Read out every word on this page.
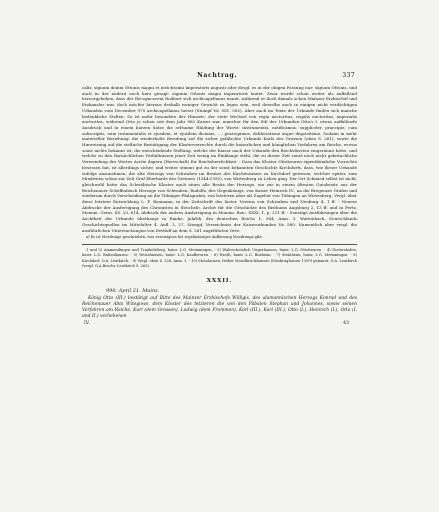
Nachtrag.	337

calis: signum domni Ottonis magni et invictissimi imperatoris augusti oder desgl. es in der obigen Fassung nur: signum Ottonis, und auch in der andern noch kurz gesagt: signum Ottonis magni imperatoris lautet. Zwar wurde schon weiter als auffallend hervorgehoben, dass der Recognoscent Rodbert sich archicapellanus nennt, während er doch damals schon Mainzer Erzbischof und Erzkanzler war, doch möchte hieraus deshalb weniger Gewicht zu legen sein, weil derselbe auch in einigen nicht verdächtigen Urkunden vom December 975 archicapellanus heisst (Stumpf Nr. 581. 582). Aber auch im Texte der Urkunde finden sich manche bedenkliche Stellen. So ist mehr besonders der Hinweis: der stete Wechsel von regia auctoritas, regalis auctoritas, imperialis auctoritas, während Otto je schon seit dem Jahr 962 Kaiser war, mancher für den Stil der Urkunden Otto's I. etwas auffallende Ausdruck und in einem kurzen Satze die seltsame Häufung der Worte: instrumentis, notificamus, suppliciter, praecipie, cum subscriptis, eum testamentalis et ejusdem, et ejusdem dicimus, ..., praecipimus, deliberatione atque dispositione. Sodann in mehr materieller Beziehung: die wiederholte Berufung auf die sicher gefälschte Urkunde Karls des Grossen (oben S. 261), sowie die Hinweisung auf die vielfache Bestätigung der Klostervorrechte durch die kaiserlichen und königlichen Vorfahren am Reiche, wovon sonst nichts bekannt ist, die entscheidende Stellung, welche der Kaiser nach der Urkunde den Reichsfürsten eingeräumt hätte, und welche zu den thatsächlichen Verhältnissen jener Zeit wenig im Einklange steht, die zu dieser Zeit sonst noch nicht gebräuchliche Verwendung des Wortes Acrtie dapera (Herrschaft) für Reichsherrlichkeit. - Dass das Kloster Ottobeuren eigenthümliche Vorrechte besessen hat, ist allerdings sicher, und weiter stimmt gut zu der sonst bekannten Geschichte Kirchdorfs, dass, wie dieser Urkunde zufolge anzunehmen, die alte Herzogs von Schwaben im Besitze des Kirchensatzes zu Kirchdorf gewesen, welcher später, zum Mindesten schon zur Zeit Graf Eberhards des Greiners (1344-1392), von Wirtenberg zu Lehen ging. Der Ort Schmied selbst ist nicht, gleichwohl hatte das Schwäbische Kloster auch einen alle Besitz der Herzoge, ein zur in einem ältesten Gutsbesitz aus der Reichenauer Schöffenbuch Herzoge von Schwaben, Rudolfs, des Gegenkönigs, von Kaiser Heinrich IV., an die Bregenzer Grafen und wiederum durch Verschenkung an die Tübinger Pfalzgrafen, von letzteren aber als Zugehör von Tübingen an Wirtenberg. Vergl. über diese letztere Entwicklung L. F. Baumann, in der Zeitschrift des histor. Vereins von Schwaben und Neuburg 4, 1 ff. - Neuere Abdrucke der Ausfertigung des Chronisten in Steichele, Archiv für die Geschichte des Bisthums Augsburg 2, 13 ff. und in Pertz, Monum. Germ. SS. 23, 614, Abdruck der andern Ausfertigung in Monum. Boic. XXXI, 1, p. 211 ff. - Sonstige Ausführungen über die Aechtheit der Urkunde überhaupt in Ranke, Jahrbb. des deutschen Reichs 1, 364, Anm. 3. Wattenbach, Deutschlands Geschichtsquellen im Mittelalter 4. Aufl. 2, 27. Stumpf, Verzeichniss der Kaiserurkunden Nr. 580. Namentlich aber vergl. die ausführlichen Untersuchungen von Dettloff an dem S. 261 angeführten Orte.

a) Es ist Mozdruige geschrieben, was vereinigens bei regelmässiger Auffassung Mozdrungs gibt.

1 und 2) Ammendingen und Trunkelsberg, baier. L.G. Memmingen. - 3) Wahrscheinlich Ungerhausen, baier. L.G. Ottobeuren. - 4) Dietershofen, baier. L.G. Babenhausen. - 5) Weisshausen, baier. L.G. Kaufbeuren. - 6) Westh, baier. L.G. Buxheim. - 7) Steinheim, baier. L.G. Memmingen. - 8) Kirchdorf, O.A. Leutkirch. - 9) Vergl. oben S. 328, Anm. 1. - 10) Mosolausen, früher Mosolbruckhausen (Mosbruglausen 1399) genannt, O.A. Leutkirch (vergl. O.A.Beschr. Leutkirch S. 263).

XXXII.
990. April 21. Mainz.

König Otto (III.) bestätigt auf Bitte des Mainzer Erzbischofs Willigis, des alamannischen Herzogs Konrad und des Reichenauer Abts Witegowo, dem Kloster des letzteren die von den Päbsten Stephan und Johannes, sowie seinen Vorfahren am Reiche, Karl (dem Grossen), Ludwig (dem Frommen), Karl (III.), Karl (III.), Otto (I.), Heinrich (I.), Otto (I. und II.) verliehenen

IV.	43
